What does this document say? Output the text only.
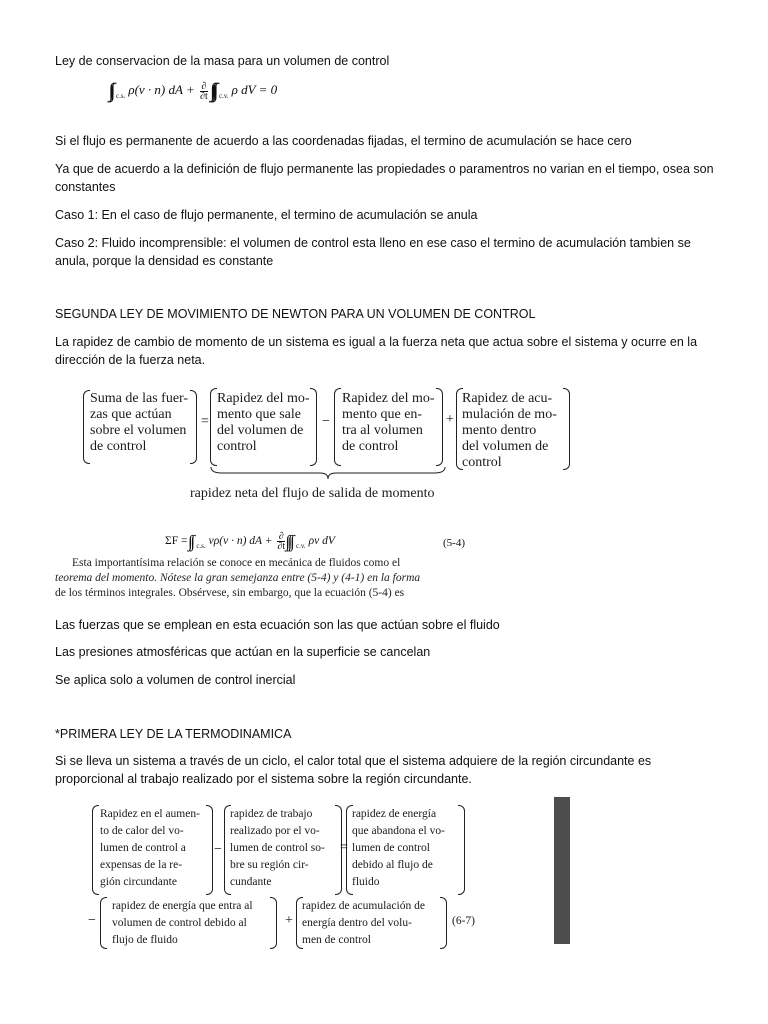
Ley de conservacion de la masa para un volumen de control

$_{c.s.}$ ρ(v · n) dA + $\frac{\partial}{\partial t} _{c.v.}$ ρ dV = 0

Si el flujo es permanente de acuerdo a las coordenadas fijadas, el termino de acumulación se hace cero

Ya que de acuerdo a la definición de flujo permanente las propiedades o paramentros no varian en el tiempo, osea son constantes

Caso 1: En el caso de flujo permanente, el termino de acumulación se anula

Caso 2: Fluido incomprensible: el volumen de control esta lleno en ese caso el termino de acumulación tambien se anula, porque la densidad es constante

SEGUNDA LEY DE MOVIMIENTO DE NEWTON PARA UN VOLUMEN DE CONTROL

La rapidez de cambio de momento de un sistema es igual a la fuerza neta que actua sobre el sistema y ocurre en la dirección de la fuerza neta.

Suma de las fuer-
zas que actúan
sobre el volumen
de control
=
Rapidez del mo-
mento que sale
del volumen de
control
−
Rapidez del mo-
mento que en-
tra al volumen
de control
+
Rapidez de acu-
mulación de mo-
mento dentro
del volumen de
control
rapidez neta del flujo de salida de momento
ΣF = $_{c.s.}$ vρ(v · n) dA + $\frac{\partial}{\partial t} _{c.v.}$ ρv dV	(5-4)
Esta importantísima relación se conoce en mecánica de fluidos como el
teorema del momento. Nótese la gran semejanza entre (5-4) y (4-1) en la forma
de los términos integrales. Obsérvese, sin embargo, que la ecuación (5-4) es

Las fuerzas que se emplean en esta ecuación son las que actúan sobre el fluido

Las presiones atmosféricas que actúan en la superficie se cancelan

Se aplica solo a volumen de control inercial

*PRIMERA LEY DE LA TERMODINAMICA

Si se lleva un sistema a través de un ciclo, el calor total que el sistema adquiere de la región circundante es proporcional al trabajo realizado por el sistema sobre la región circundante.

Rapidez en el aumen-
to de calor del vo-
lumen de control a
expensas de la re-
gión circundante
−
rapidez de trabajo
realizado por el vo-
lumen de control so-
bre su región cir-
cundante
=
rapidez de energía
que abandona el vo-
lumen de control
debido al flujo de
fluido
−
rapidez de energía que entra al
volumen de control debido al
flujo de fluido
+
rapidez de acumulación de
energía dentro del volu-
men de control
(6-7)
